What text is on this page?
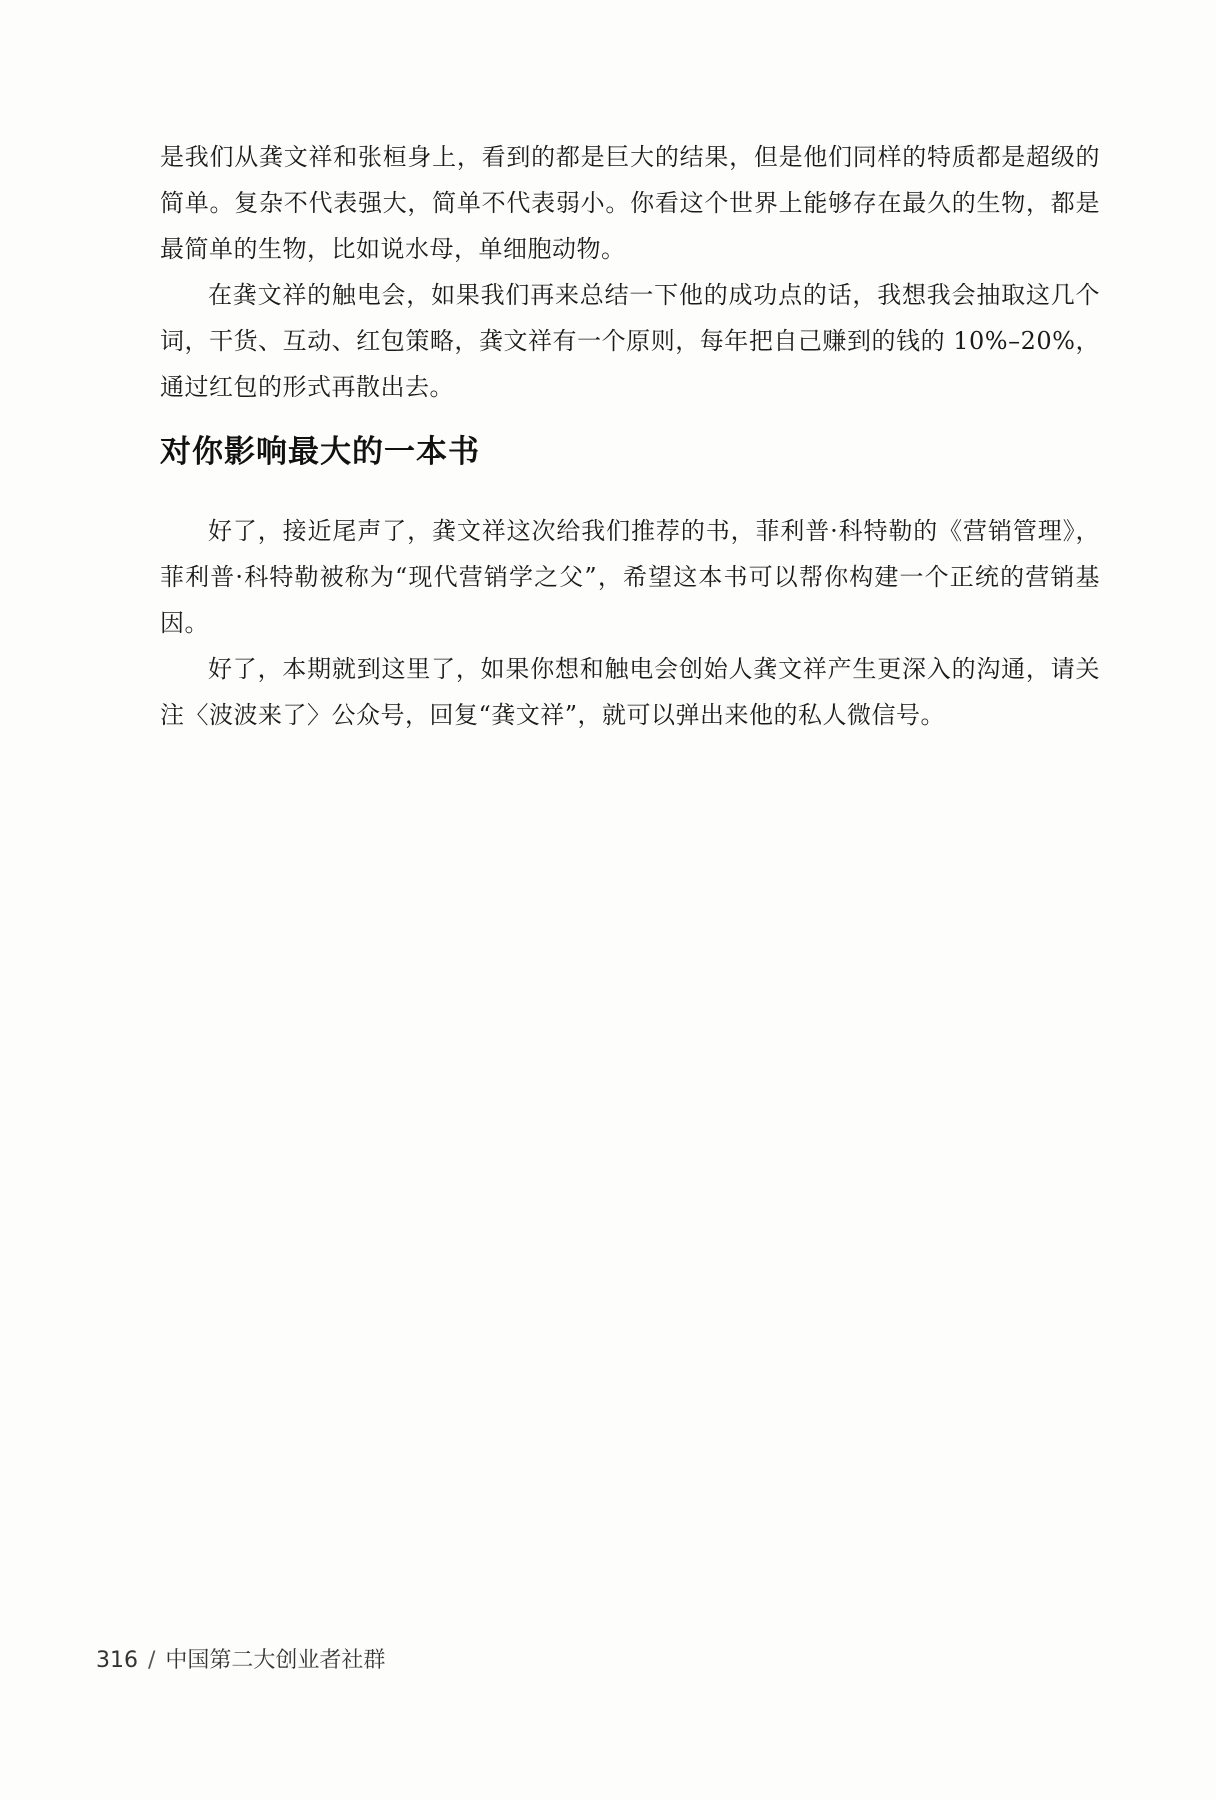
是我们从龚文祥和张桓身上，看到的都是巨大的结果，但是他们同样的特质都是超级的简单。复杂不代表强大，简单不代表弱小。你看这个世界上能够存在最久的生物，都是最简单的生物，比如说水母，单细胞动物。

在龚文祥的触电会，如果我们再来总结一下他的成功点的话，我想我会抽取这几个词，干货、互动、红包策略，龚文祥有一个原则，每年把自己赚到的钱的 10%–20%，通过红包的形式再散出去。

对你影响最大的一本书

好了，接近尾声了，龚文祥这次给我们推荐的书，菲利普·科特勒的《营销管理》，菲利普·科特勒被称为“现代营销学之父”，希望这本书可以帮你构建一个正统的营销基因。

好了，本期就到这里了，如果你想和触电会创始人龚文祥产生更深入的沟通，请关注〈波波来了〉公众号，回复“龚文祥”，就可以弹出来他的私人微信号。

316 / 中国第二大创业者社群
